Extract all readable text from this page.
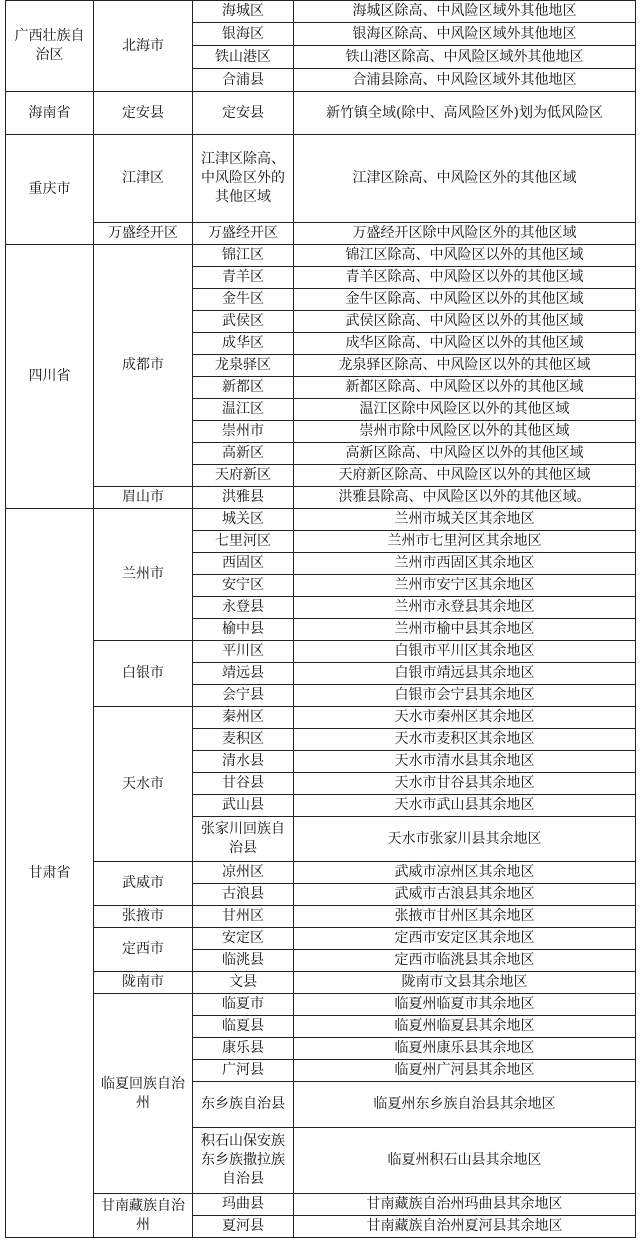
广西壮族自治区	北海市	海城区	海城区除高、中风险区域外其他地区
		银海区	银海区除高、中风险区域外其他地区
		铁山港区	铁山港区除高、中风险区域外其他地区
		合浦县	合浦县除高、中风险区域外其他地区
海南省	定安县	定安县	新竹镇全域(除中、高风险区外)划为低风险区
重庆市	江津区	江津区除高、中风险区外的其他区域	江津区除高、中风险区外的其他区域
	万盛经开区	万盛经开区	万盛经开区除中风险区外的其他区域
四川省	成都市	锦江区	锦江区除高、中风险区以外的其他区域
		青羊区	青羊区除高、中风险区以外的其他区域
		金牛区	金牛区除高、中风险区以外的其他区域
		武侯区	武侯区除高、中风险区以外的其他区域
		成华区	成华区除高、中风险区以外的其他区域
		龙泉驿区	龙泉驿区除高、中风险区以外的其他区域
		新都区	新都区除高、中风险区以外的其他区域
		温江区	温江区除中风险区以外的其他区域
		崇州市	崇州市除中风险区以外的其他区域
		高新区	高新区除高、中风险区以外的其他区域
		天府新区	天府新区除高、中风险区以外的其他区域
	眉山市	洪雅县	洪雅县除高、中风险区以外的其他区域。
甘肃省	兰州市	城关区	兰州市城关区其余地区
		七里河区	兰州市七里河区其余地区
		西固区	兰州市西固区其余地区
		安宁区	兰州市安宁区其余地区
		永登县	兰州市永登县其余地区
		榆中县	兰州市榆中县其余地区
	白银市	平川区	白银市平川区其余地区
		靖远县	白银市靖远县其余地区
		会宁县	白银市会宁县其余地区
	天水市	秦州区	天水市秦州区其余地区
		麦积区	天水市麦积区其余地区
		清水县	天水市清水县其余地区
		甘谷县	天水市甘谷县其余地区
		武山县	天水市武山县其余地区
		张家川回族自治县	天水市张家川县其余地区
	武威市	凉州区	武威市凉州区其余地区
		古浪县	武威市古浪县其余地区
	张掖市	甘州区	张掖市甘州区其余地区
	定西市	安定区	定西市安定区其余地区
		临洮县	定西市临洮县其余地区
	陇南市	文县	陇南市文县其余地区
	临夏回族自治州	临夏市	临夏州临夏市其余地区
		临夏县	临夏州临夏县其余地区
		康乐县	临夏州康乐县其余地区
		广河县	临夏州广河县其余地区
		东乡族自治县	临夏州东乡族自治县其余地区
		积石山保安族东乡族撒拉族自治县	临夏州积石山县其余地区
	甘南藏族自治州	玛曲县	甘南藏族自治州玛曲县其余地区
		夏河县	甘南藏族自治州夏河县其余地区
